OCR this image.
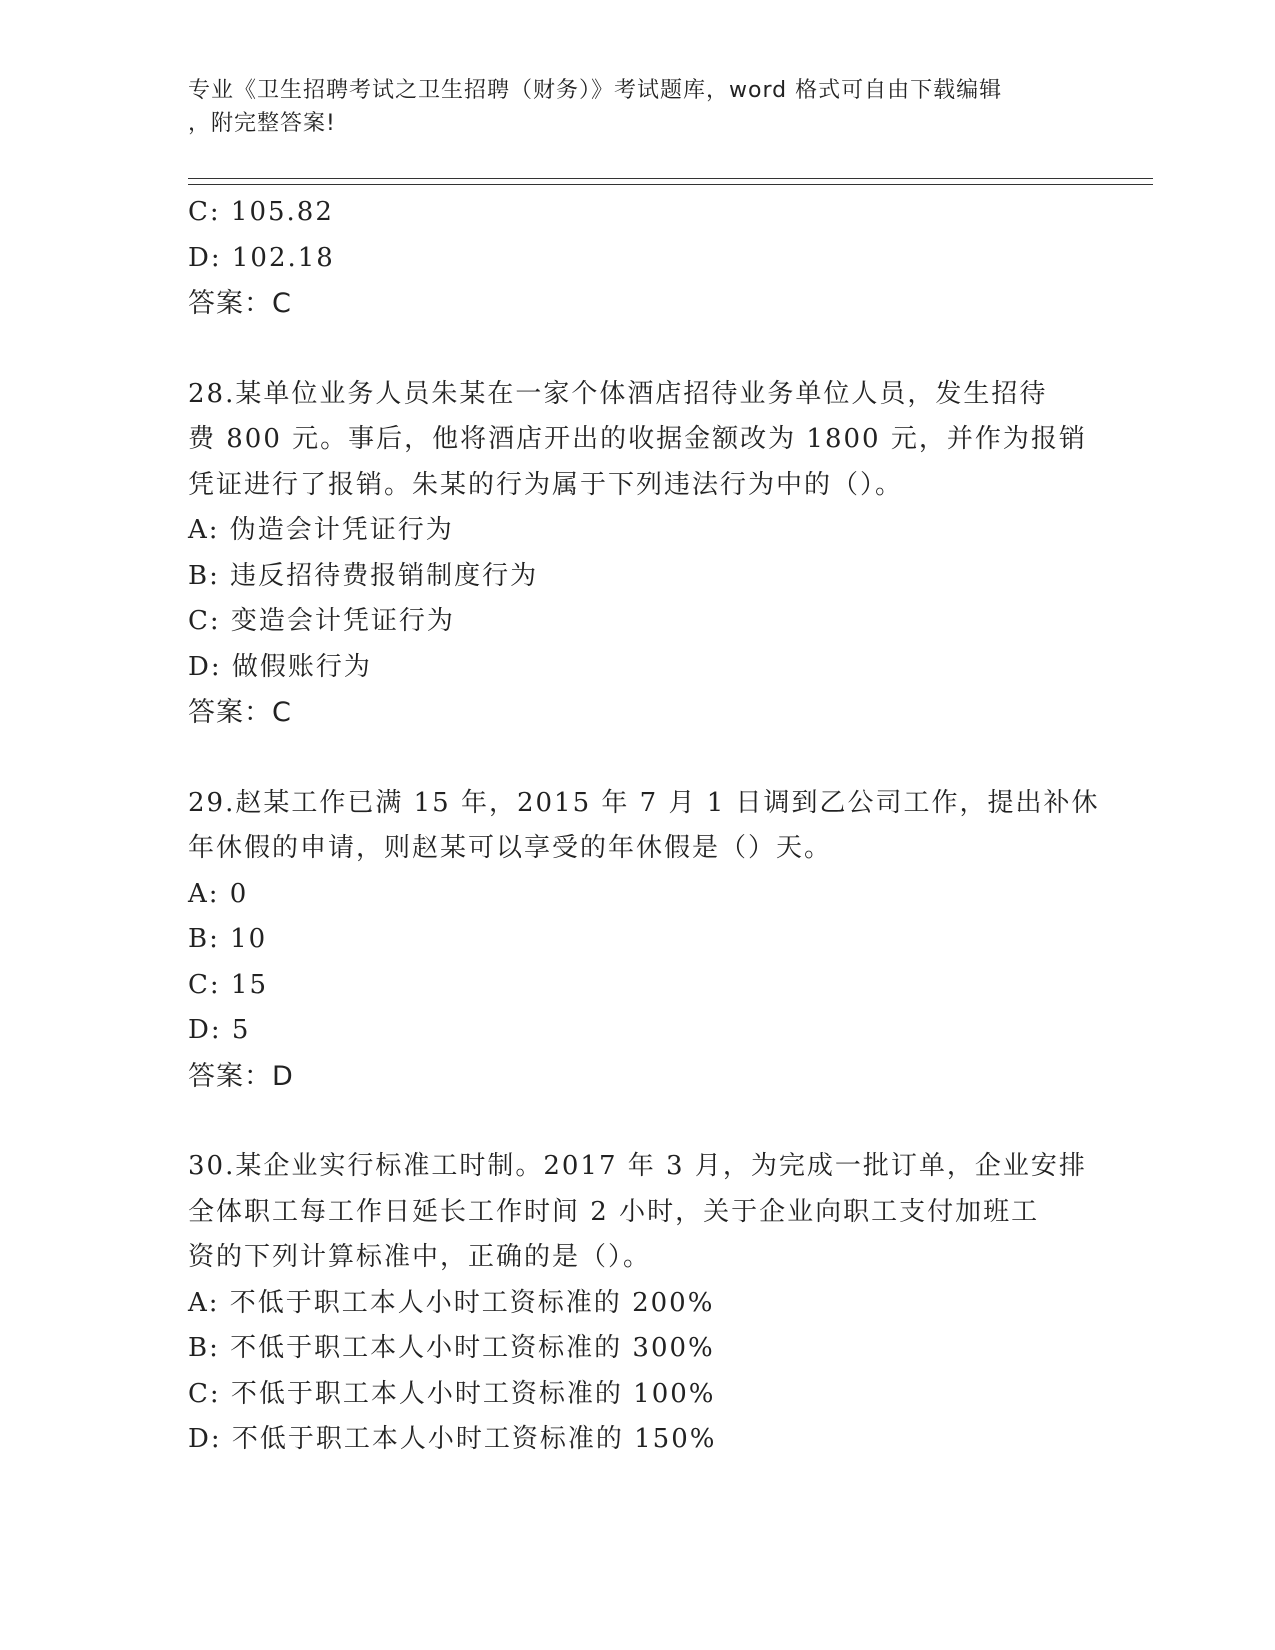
专业《卫生招聘考试之卫生招聘（财务）》考试题库，word 格式可自由下载编辑
，附完整答案!
C: 105.82
D: 102.18
答案：C
28.某单位业务人员朱某在一家个体酒店招待业务单位人员，发生招待
费 800 元。事后，他将酒店开出的收据金额改为 1800 元，并作为报销
凭证进行了报销。朱某的行为属于下列违法行为中的（）。
A: 伪造会计凭证行为
B: 违反招待费报销制度行为
C: 变造会计凭证行为
D: 做假账行为
答案：C
29.赵某工作已满 15 年，2015 年 7 月 1 日调到乙公司工作，提出补休
年休假的申请，则赵某可以享受的年休假是（）天。
A: 0
B: 10
C: 15
D: 5
答案：D
30.某企业实行标准工时制。2017 年 3 月，为完成一批订单，企业安排
全体职工每工作日延长工作时间 2 小时，关于企业向职工支付加班工
资的下列计算标准中，正确的是（）。
A: 不低于职工本人小时工资标准的 200%
B: 不低于职工本人小时工资标准的 300%
C: 不低于职工本人小时工资标准的 100%
D: 不低于职工本人小时工资标准的 150%
